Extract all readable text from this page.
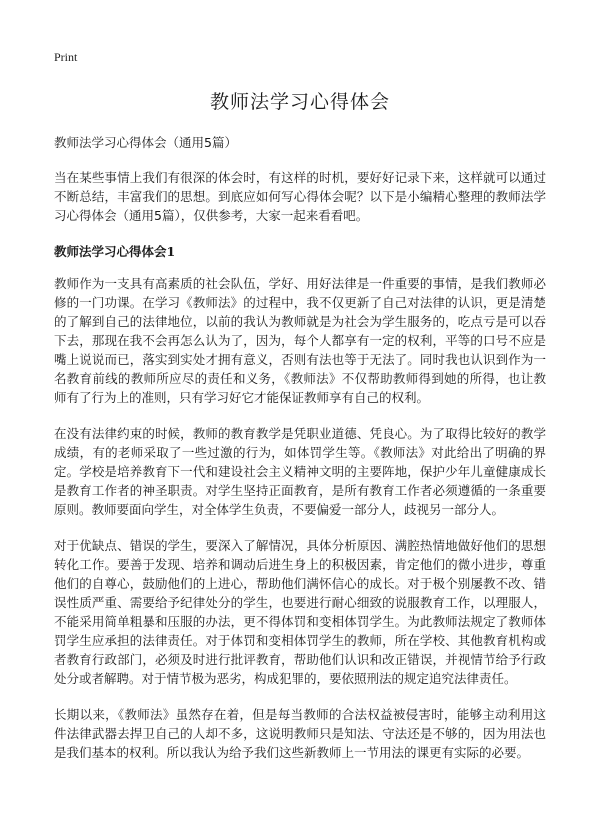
Print
教师法学习心得体会
教师法学习心得体会（通用5篇）

当在某些事情上我们有很深的体会时，有这样的时机，要好好记录下来，这样就可以通过不断总结，丰富我们的思想。到底应如何写心得体会呢？以下是小编精心整理的教师法学习心得体会（通用5篇），仅供参考，大家一起来看看吧。

教师法学习心得体会1

教师作为一支具有高素质的社会队伍，学好、用好法律是一件重要的事情，是我们教师必修的一门功课。在学习《教师法》的过程中，我不仅更新了自己对法律的认识，更是清楚的了解到自己的法律地位，以前的我认为教师就是为社会为学生服务的，吃点亏是可以吞下去，那现在我不会再怎么认为了，因为，每个人都享有一定的权利，平等的口号不应是嘴上说说而已，落实到实处才拥有意义，否则有法也等于无法了。同时我也认识到作为一名教育前线的教师所应尽的责任和义务，《教师法》不仅帮助教师得到她的所得，也让教师有了行为上的准则，只有学习好它才能保证教师享有自己的权利。

在没有法律约束的时候，教师的教育教学是凭职业道德、凭良心。为了取得比较好的教学成绩，有的老师采取了一些过激的行为，如体罚学生等。《教师法》对此给出了明确的界定。学校是培养教育下一代和建设社会主义精神文明的主要阵地，保护少年儿童健康成长是教育工作者的神圣职责。对学生坚持正面教育，是所有教育工作者必须遵循的一条重要原则。教师要面向学生，对全体学生负责，不要偏爱一部分人，歧视另一部分人。

对于优缺点、错误的学生，要深入了解情况，具体分析原因、满腔热情地做好他们的思想转化工作。要善于发现、培养和调动后进生身上的积极因素，肯定他们的微小进步，尊重他们的自尊心，鼓励他们的上进心，帮助他们满怀信心的成长。对于极个别屡教不改、错误性质严重、需要给予纪律处分的学生，也要进行耐心细致的说服教育工作，以理服人，不能采用简单粗暴和压服的办法，更不得体罚和变相体罚学生。为此教师法规定了教师体罚学生应承担的法律责任。对于体罚和变相体罚学生的教师，所在学校、其他教育机构或者教育行政部门，必须及时进行批评教育，帮助他们认识和改正错误，并视情节给予行政处分或者解聘。对于情节极为恶劣，构成犯罪的，要依照刑法的规定追究法律责任。

长期以来，《教师法》虽然存在着，但是每当教师的合法权益被侵害时，能够主动利用这件法律武器去捍卫自己的人却不多，这说明教师只是知法、守法还是不够的，因为用法也是我们基本的权利。所以我认为给予我们这些新教师上一节用法的课更有实际的必要。
